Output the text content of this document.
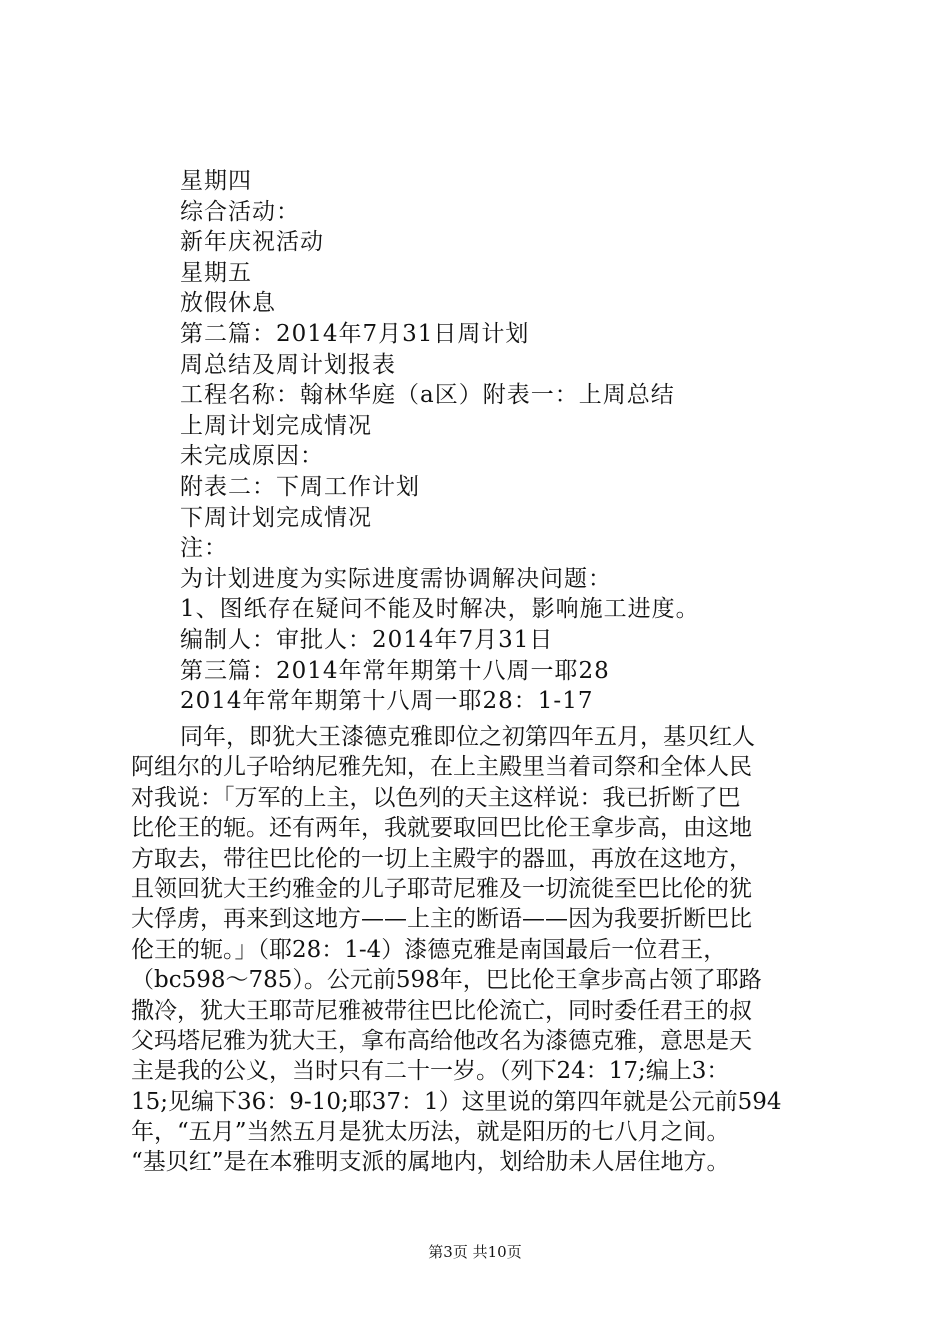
星期四
综合活动：
新年庆祝活动
星期五
放假休息
第二篇：2014年7月31日周计划
周总结及周计划报表
工程名称：翰林华庭（a区）附表一：上周总结
上周计划完成情况
未完成原因：
附表二：下周工作计划
下周计划完成情况
注：
为计划进度为实际进度需协调解决问题：
1、图纸存在疑问不能及时解决，影响施工进度。
编制人：审批人：2014年7月31日
第三篇：2014年常年期第十八周一耶28
2014年常年期第十八周一耶28：1-17
同年，即犹大王漆德克雅即位之初第四年五月，基贝红人
阿组尔的儿子哈纳尼雅先知，在上主殿里当着司祭和全体人民
对我说：「万军的上主，以色列的天主这样说：我已折断了巴
比伦王的轭。还有两年，我就要取回巴比伦王拿步高，由这地
方取去，带往巴比伦的一切上主殿宇的器皿，再放在这地方，
且领回犹大王约雅金的儿子耶苛尼雅及一切流徙至巴比伦的犹
大俘虏，再来到这地方——上主的断语——因为我要折断巴比
伦王的轭。」（耶28：1-4）漆德克雅是南国最后一位君王，
（bc598～785）。公元前598年，巴比伦王拿步高占领了耶路
撒冷，犹大王耶苛尼雅被带往巴比伦流亡，同时委任君王的叔
父玛塔尼雅为犹大王，拿布高给他改名为漆德克雅，意思是天
主是我的公义，当时只有二十一岁。（列下24：17;编上3：
15;见编下36：9-10;耶37：1）这里说的第四年就是公元前594
年，“五月”当然五月是犹太历法，就是阳历的七八月之间。
“基贝红”是在本雅明支派的属地内，划给肋未人居住地方。
第3页 共10页
